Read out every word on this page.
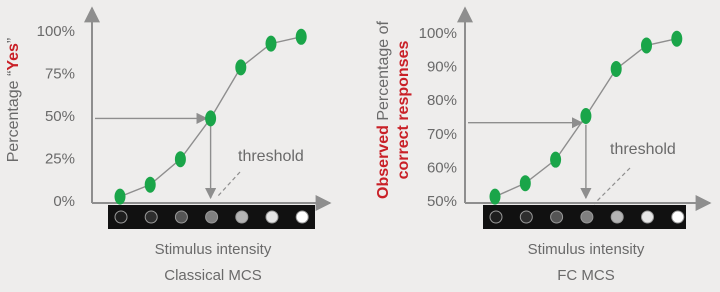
Percentage “Yes”
0%
25%
50%
75%
100%
threshold
Stimulus intensity
Classical MCS
Observed Percentage of correct responses
50%
60%
70%
80%
90%
100%
threshold
Stimulus intensity
FC MCS
